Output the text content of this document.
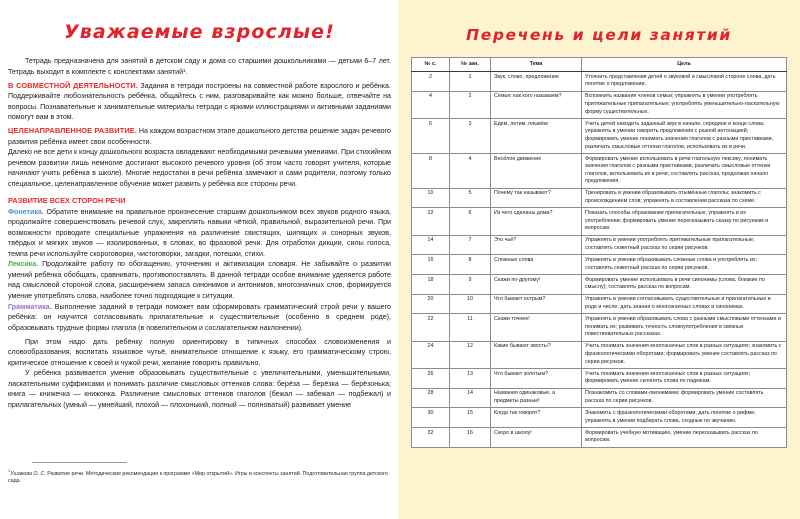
Уважаемые взрослые!

Тетрадь предназначена для занятий в детском саду и дома со старшими дошкольниками — детьми 6–7 лет. Тетрадь выходит в комплекте с конспектами занятий¹.

В СОВМЕСТНОЙ ДЕЯТЕЛЬНОСТИ. Задания в тетради построены на совместной работе взрослого и ребёнка. Поддерживайте любознательность ребёнка, общайтесь с ним, разговаривайте как можно больше, отвечайте на вопросы. Познавательные и занимательные материалы тетради с яркими иллюстрациями и активными заданиями помогут вам в этом.

ЦЕЛЕНАПРАВЛЕННОЕ РАЗВИТИЕ. На каждом возрастном этапе дошкольного детства решение задач речевого развития ребёнка имеет свои особенности.

Далеко не все дети к концу дошкольного возраста овладевают необходимыми речевыми умениями. При стихийном речевом развитии лишь немногие достигают высокого речевого уровня (об этом часто говорят учителя, которые начинают учить ребёнка в школе). Многие недостатки в речи ребёнка замечают и сами родители, поэтому только специальное, целенаправленное обучение может развить у ребёнка все стороны речи.

РАЗВИТИЕ ВСЕХ СТОРОН РЕЧИ

Фонетика. Обратите внимание на правильное произнесение старшим дошкольником всех звуков родного языка, продолжайте совершенствовать речевой слух, закреплять навыки чёткой, правильной, выразительной речи. При возможности проводите специальные упражнения на различение свистящих, шипящих и сонорных звуков, твёрдых и мягких звуков — изолированных, в словах, во фразовой речи. Для отработки дикции, силы голоса, темпа речи используйте скороговорки, чистоговорки, загадки, потешки, стихи.

Лексика. Продолжайте работу по обогащению, уточнению и активизации словаря. Не забывайте о развитии умений ребёнка обобщать, сравнивать, противопоставлять. В данной тетради особое внимание уделяется работе над смысловой стороной слова, расширением запаса синонимов и антонимов, многозначных слов, формируется умение употреблять слова, наиболее точно подходящие к ситуации.

Грамматика. Выполнение заданий в тетради поможет вам сформировать грамматический строй речи у вашего ребёнка: он научится согласовывать прилагательные и существительные (особенно в среднем роде), образовывать трудные формы глагола (в повелительном и сослагательном наклонении).

При этом надо дать ребёнку полную ориентировку в типичных способах словоизменения и словообразования, воспитать языковое чутьё, внимательное отношение к языку, его грамматическому строю, критическое отношение к своей и чужой речи, желание говорить правильно.

У ребёнка развивается умение образовывать существительные с увеличительными, уменьшительными, ласкательными суффиксами и понимать различие смысловых оттенков слова: берёза — берёзка — берёзонька; книга — книжечка — книжонка. Различение смысловых оттенков глаголов (бежал — забежал — подбежал) и прилагательных (умный — умнейший, плохой — плохонький, полный — полноватый) развивает умение

$^1$Ушакова О. С. Развитие речи. Методические рекомендации к программе «Мир открытий». Игры и конспекты занятий. Подготовительная группа детского сада.

Перечень и цели занятий
№ с.	№ зан.	Тема	Цель
2	1	Звук, слово, предложение	Уточнить представления детей о звуковой и смысловой стороне слова, дать понятие о предложении.
4	2	Семья: как кого называем?	Вспомнить названия членов семьи; упражнять в умении употреблять притяжательные прилагательные; употреблять уменьшительно-ласкательную форму существительных.
6	3	Едем, летим, плывём	Учить детей находить заданный звук в начале, середине и конце слова; упражнять в умении говорить предложения с разной интонацией; формировать умение понимать значения глаголов с разными приставками, различать смысловые оттенки глаголов, использовать их в речи.
8	4	Весёлое движение	Формировать умение использовать в речи глагольную лексику; понимать значения глаголов с разными приставками, различать смысловые оттенки глаголов, использовать их в речи; составлять рассказ, продолжая начало предложения.
10	5	Почему так называют?	Тренировать в умении образовывать отымённые глаголы; знакомить с происхождением слов; упражнять в составлении рассказа по схеме.
12	6	Из чего сделаны дома?	Показать способы образования прилагательных; упражнять в их употреблении; формировать умение пересказывать сказку по рисункам и вопросам.
14	7	Это чьё?	Упражнять в умении употреблять притяжательные прилагательные; составлять сюжетный рассказ по серии рисунков.
16	8	Сложные слова	Упражнять в умении образовывать сложные слова и употреблять их; составлять сюжетный рассказ по серии рисунков.
18	9	Скажи по-другому!	Формировать умение использовать в речи синонимы (слова, близкие по смыслу); составлять рассказ по вопросам.
20	10	Что бывает острым?	Упражнять в умении согласовывать существительные и прилагательные в роде и числе; дать знания о многозначных словах и синонимах.
22	11	Скажи точнее!	Упражнять в умении образовывать слова с разными смысловыми оттенками и понимать их; развивать точность словоупотребления в связных повествовательных рассказах.
24	12	Какие бывают хвосты?	Учить понимать значения многозначных слов в разных ситуациях; знакомить с фразеологическими оборотами; формировать умение составлять рассказ по серии рисунков.
26	13	Что бывает золотым?	Учить понимать значения многозначных слов в разных ситуациях; формировать умение склонять слова по падежам.
28	14	Названия одинаковые, а предметы разные!	Познакомить со словами-омонимами; формировать умение составлять рассказ по серии рисунков.
30	15	Когда так говорят?	Знакомить с фразеологическими оборотами; дать понятие о рифме; упражнять в умении подбирать слова, сходные по звучанию.
32	16	Скоро в школу!	Формировать учебную мотивацию, умение пересказывать рассказ по вопросам.
